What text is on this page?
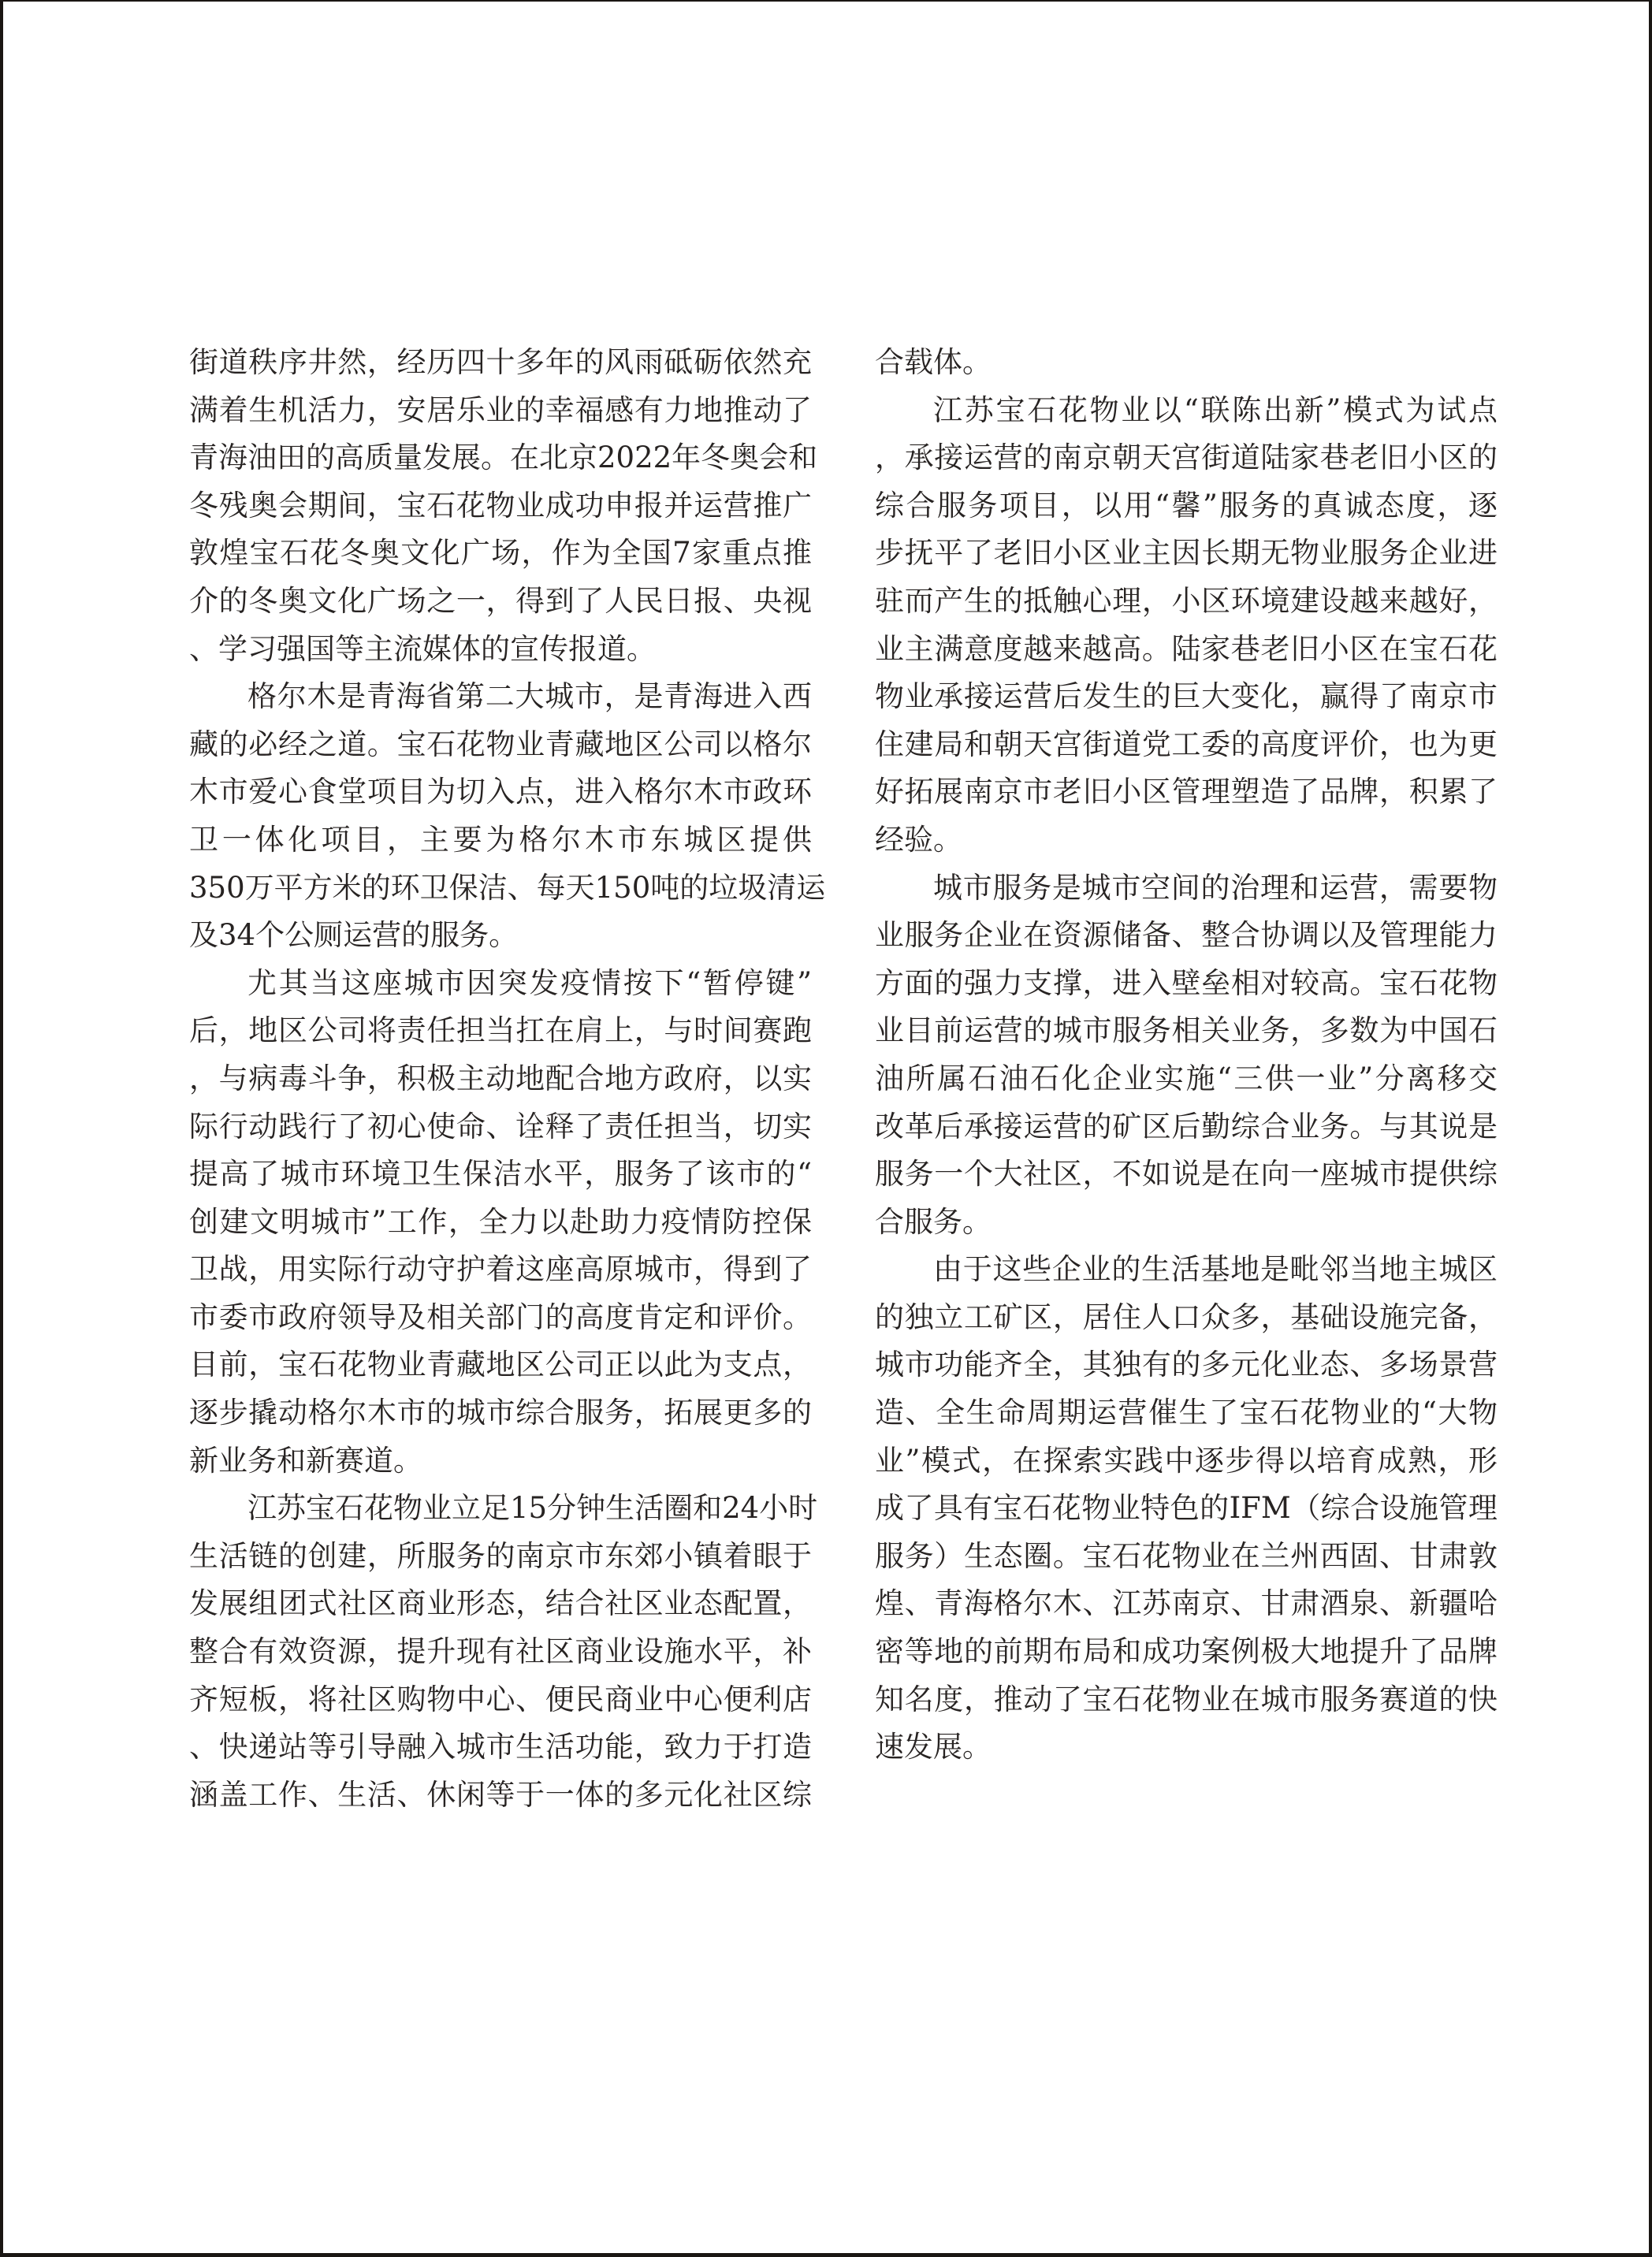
街道秩序井然，经历四十多年的风雨砥砺依然充
满着生机活力，安居乐业的幸福感有力地推动了
青海油田的高质量发展。在北京2022年冬奥会和
冬残奥会期间，宝石花物业成功申报并运营推广
敦煌宝石花冬奥文化广场，作为全国7家重点推
介的冬奥文化广场之一，得到了人民日报、央视
、学习强国等主流媒体的宣传报道。
格尔木是青海省第二大城市，是青海进入西
藏的必经之道。宝石花物业青藏地区公司以格尔
木市爱心食堂项目为切入点，进入格尔木市政环
卫一体化项目，主要为格尔木市东城区提供
350万平方米的环卫保洁、每天150吨的垃圾清运
及34个公厕运营的服务。
尤其当这座城市因突发疫情按下“暂停键”
后，地区公司将责任担当扛在肩上，与时间赛跑
，与病毒斗争，积极主动地配合地方政府，以实
际行动践行了初心使命、诠释了责任担当，切实
提高了城市环境卫生保洁水平，服务了该市的“
创建文明城市”工作，全力以赴助力疫情防控保
卫战，用实际行动守护着这座高原城市，得到了
市委市政府领导及相关部门的高度肯定和评价。
目前，宝石花物业青藏地区公司正以此为支点，
逐步撬动格尔木市的城市综合服务，拓展更多的
新业务和新赛道。
江苏宝石花物业立足15分钟生活圈和24小时
生活链的创建，所服务的南京市东郊小镇着眼于
发展组团式社区商业形态，结合社区业态配置，
整合有效资源，提升现有社区商业设施水平，补
齐短板，将社区购物中心、便民商业中心便利店
、快递站等引导融入城市生活功能，致力于打造
涵盖工作、生活、休闲等于一体的多元化社区综
合载体。
江苏宝石花物业以“联陈出新”模式为试点
，承接运营的南京朝天宫街道陆家巷老旧小区的
综合服务项目，以用“馨”服务的真诚态度，逐
步抚平了老旧小区业主因长期无物业服务企业进
驻而产生的抵触心理，小区环境建设越来越好，
业主满意度越来越高。陆家巷老旧小区在宝石花
物业承接运营后发生的巨大变化，赢得了南京市
住建局和朝天宫街道党工委的高度评价，也为更
好拓展南京市老旧小区管理塑造了品牌，积累了
经验。
城市服务是城市空间的治理和运营，需要物
业服务企业在资源储备、整合协调以及管理能力
方面的强力支撑，进入壁垒相对较高。宝石花物
业目前运营的城市服务相关业务，多数为中国石
油所属石油石化企业实施“三供一业”分离移交
改革后承接运营的矿区后勤综合业务。与其说是
服务一个大社区，不如说是在向一座城市提供综
合服务。
由于这些企业的生活基地是毗邻当地主城区
的独立工矿区，居住人口众多，基础设施完备，
城市功能齐全，其独有的多元化业态、多场景营
造、全生命周期运营催生了宝石花物业的“大物
业”模式，在探索实践中逐步得以培育成熟，形
成了具有宝石花物业特色的IFM（综合设施管理
服务）生态圈。宝石花物业在兰州西固、甘肃敦
煌、青海格尔木、江苏南京、甘肃酒泉、新疆哈
密等地的前期布局和成功案例极大地提升了品牌
知名度，推动了宝石花物业在城市服务赛道的快
速发展。
